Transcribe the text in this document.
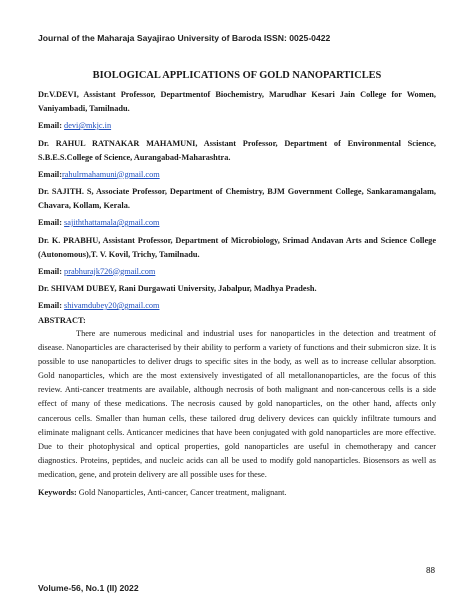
Journal of the Maharaja Sayajirao University of Baroda ISSN: 0025-0422
BIOLOGICAL APPLICATIONS OF GOLD NANOPARTICLES

Dr.V.DEVI, Assistant Professor, Departmentof Biochemistry, Marudhar Kesari Jain College for Women, Vaniyambadi, Tamilnadu.

Email: devi@mkjc.in

Dr. RAHUL RATNAKAR MAHAMUNI, Assistant Professor, Department of Environmental Science, S.B.E.S.College of Science, Aurangabad-Maharashtra.

Email:rahulrmahamuni@gmail.com

Dr. SAJITH. S, Associate Professor, Department of Chemistry, BJM Government College, Sankaramangalam, Chavara, Kollam, Kerala.

Email: sajiththattamala@gmail.com

Dr. K. PRABHU, Assistant Professor, Department of Microbiology, Srimad Andavan Arts and Science College (Autonomous),T. V. Kovil, Trichy, Tamilnadu.

Email: prabhurajk726@gmail.com

Dr. SHIVAM DUBEY, Rani Durgawati University, Jabalpur, Madhya Pradesh.

Email: shivamdubey20@gmail.com

ABSTRACT:

There are numerous medicinal and industrial uses for nanoparticles in the detection and treatment of disease. Nanoparticles are characterised by their ability to perform a variety of functions and their submicron size. It is possible to use nanoparticles to deliver drugs to specific sites in the body, as well as to increase cellular absorption. Gold nanoparticles, which are the most extensively investigated of all metallonanoparticles, are the focus of this review. Anti-cancer treatments are available, although necrosis of both malignant and non-cancerous cells is a side effect of many of these medications. The necrosis caused by gold nanoparticles, on the other hand, affects only cancerous cells. Smaller than human cells, these tailored drug delivery devices can quickly infiltrate tumours and eliminate malignant cells. Anticancer medicines that have been conjugated with gold nanoparticles are more effective. Due to their photophysical and optical properties, gold nanoparticles are useful in chemotherapy and cancer diagnostics. Proteins, peptides, and nucleic acids can all be used to modify gold nanoparticles. Biosensors as well as medication, gene, and protein delivery are all possible uses for these.

Keywords: Gold Nanoparticles, Anti-cancer, Cancer treatment, malignant.

88
Volume-56, No.1 (II) 2022
